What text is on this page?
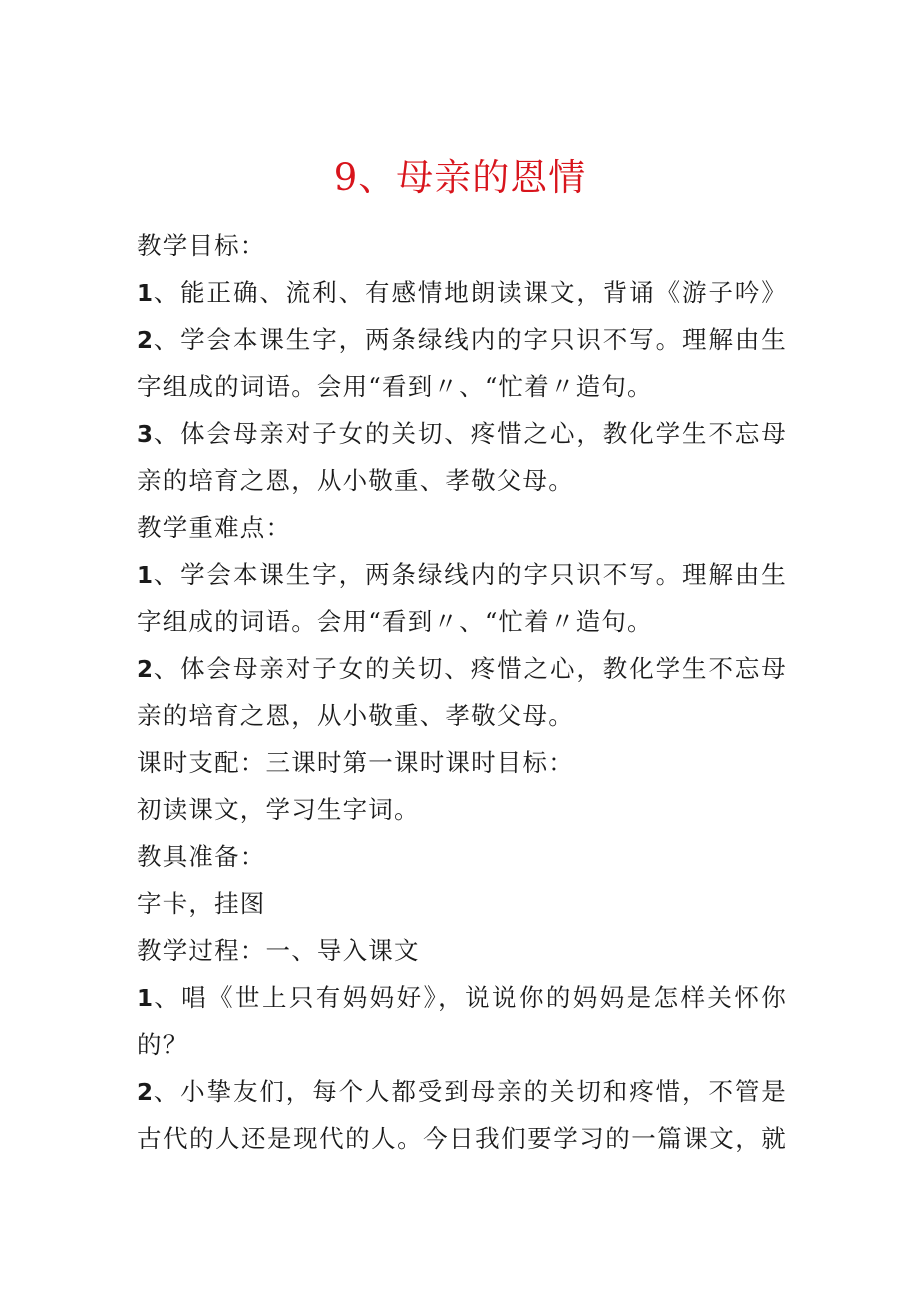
9、母亲的恩情
教学目标：
1、能正确、流利、有感情地朗读课文，背诵《游子吟》
2、学会本课生字，两条绿线内的字只识不写。理解由生
字组成的词语。会用“看到〃、“忙着〃造句。
3、体会母亲对子女的关切、疼惜之心，教化学生不忘母
亲的培育之恩，从小敬重、孝敬父母。
教学重难点：
1、学会本课生字，两条绿线内的字只识不写。理解由生
字组成的词语。会用“看到〃、“忙着〃造句。
2、体会母亲对子女的关切、疼惜之心，教化学生不忘母
亲的培育之恩，从小敬重、孝敬父母。
课时支配：三课时第一课时课时目标：
初读课文，学习生字词。
教具准备：
字卡，挂图
教学过程：一、导入课文
1、唱《世上只有妈妈好》，说说你的妈妈是怎样关怀你
的？
2、小挚友们，每个人都受到母亲的关切和疼惜，不管是
古代的人还是现代的人。今日我们要学习的一篇课文，就
